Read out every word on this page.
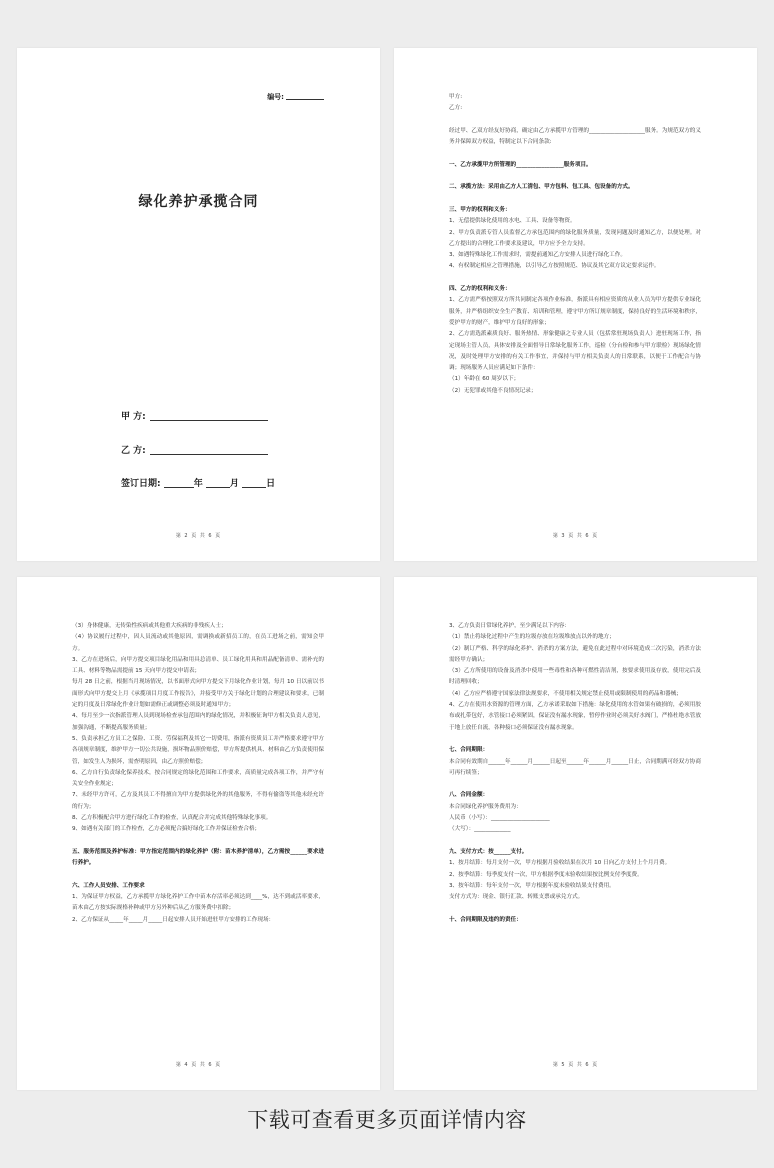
编号:
绿化养护承揽合同
甲 方:
乙 方:
签订日期:	年	月	日
第 2 页 共 6 页

甲方:

乙方:

经过甲、乙双方经友好协商，确定由乙方承揽甲方管理的____________________服务。为规范双方的义务并保障双方权益，特制定以下合同条款:

一、乙方承揽甲方所管理的_________________服务项目。

二、承揽方法：采用由乙方人工清包、甲方包料、包工具、包设备的方式。

三、甲方的权利和义务：

1、无偿提供绿化使用的水电、工具、设备等物资。

2、甲方负责派专管人员监督乙方承包范围内的绿化服务质量，发现问题及时通知乙方，以便处理。对乙方提出的合理化工作要求及建议，甲方应予全力支持。

3、如遇特殊绿化工作需求时，需提前通知乙方安排人员进行绿化工作。

4、有权制定相应之管理措施，以引导乙方按照规范、协议及其它双方议定要求运作。

四、乙方的权利和义务：

1、乙方需严格按照双方所共同制定各项作业标准，指派具有相应资质的从业人员为甲方提供专业绿化服务，并严格组织安全生产教育、培训和管理，遵守甲方所订规章制度，保持良好的生活环境和秩序，爱护甲方的财产，维护甲方良好的形象；

2、乙方需选派素质良好、服务热情、形象健康之专业人员（包括常驻现场负责人）进驻现场工作，指定现场主管人员，具体安排及全面督导日常绿化服务工作，巡检（分台检和参与甲方联检）现场绿化情况，及时处理甲方安排的有关工作事宜，并保持与甲方相关负责人的日常联系，以便于工作配合与协调；现场服务人员应满足如下条件：

（1）年龄在 60 周岁以下；

（2）无犯罪或其他不良情况记录；

第 3 页 共 6 页

（3）身体健康，无传染性疾病或其他重大疾病的非残疾人士；

（4）协议履行过程中，因人员流动或其他原因，需调换或新招员工的，在员工进场之前，需知会甲方。

3、乙方在进场后，向甲方提交项目绿化用品和用具总清单、员工绿化用具和用品配备清单、需补充的工具、材料等物品需提前 15 天向甲方提交申请表；

每月 28 日之前，根据当月现场情况，以书面形式向甲方提交下月绿化作业计划，每月 10 日以前以书面形式向甲方提交上月《承揽项目月度工作报告》，并接受甲方关于绿化计划的合理建议和要求，已制定的月度及日常绿化作业计划如需修正或调整必须及时通知甲方；

4、每月至少一次指派管理人员到现场检查承包范围内的绿化情况，并积极征询甲方相关负责人意见，加强沟通，不断提高服务质量；

5、负责承担乙方员工之保险、工资、劳保福利及其它一切费用，指派有资质员工并严格要求遵守甲方各项规章制度，维护甲方一切公共设施，损坏物品照价赔偿，甲方所提供机具、材料由乙方负责使用保管，如发生人为损坏，需查明原因，由乙方照价赔偿；

6、乙方自行负责绿化保养技术，按合同规定的绿化范围和工作要求，高质量完成各项工作，并严守有关安全作业规定；

7、未经甲方许可，乙方及其员工不得擅自为甲方提供绿化外的其他服务，不得有偷盗等其他未经允许的行为；

8、乙方积极配合甲方进行绿化工作的检查，认真配合并完成其他特殊绿化事项。

9、如遇有关部门的工作检查，乙方必须配合搞好绿化工作并保证检查合格；

五、服务范围及养护标准：甲方指定范围内的绿化养护（附：苗木养护清单），乙方需按______要求进行养护。

六、工作人员安排、工作要求

1、为保证甲方权益，乙方承揽甲方绿化养护工作中苗木存活率必须达到____%，达不到或活率要求，苗木由乙方按实际规格补种或甲方另外种后从乙方服务费中扣除；

2、乙方保证从_____年_____月_____日起安排人员开始进驻甲方安排的工作现场：

第 4 页 共 6 页

3、乙方负责日常绿化养护，至少满足以下内容：

（1）禁止将绿化过程中产生的垃圾存放在垃圾堆放点以外的地方；

（2）制订严格、科学的绿化养护、消杀的方案方法，避免在此过程中对环境造成二次污染，消杀方法需经甲方确认；

（3）乙方所使用的设备及消杀中使用一些毒性和各种可燃性清洁剂，按要求使用及存放，使用完后及时清理回收；

（4）乙方应严格遵守国家法律法规要求，不使用相关规定禁止使用或限制使用的药品和器械；

4、乙方在使用水资源的管理方面，乙方承诺采取如下措施：绿化使用的水管如果有破损的，必须用胶布或扎带包好，水管接口必须紧固，保证没有漏水现象，暂停作业时必须关好水阀门，严格杜绝水管放于地上放任自流，各种接口必须保证没有漏水现象。

七、合同期限：

本合同有效期自______年______月______日起至______年______月______日止，合同期满可经双方协商可再行续签；

八、合同金额：

本合同绿化养护服务费用为：

人民币（小写）：_____________________

（大写）：_____________

九、支付方式：按______支付。

1、按月结算：每月支付一次，甲方根据月验收结果在次月 10 日向乙方支付上个月月费。

2、按季结算：每季度支付一次，甲方根据季度末验收结果按比例支付季度费。

3、按年结算：每年支付一次，甲方根据年度末验收结果支付费用。

支付方式为：现金、银行汇款、转账支票或承兑方式。

十、合同期限及违约的责任：

第 5 页 共 6 页
下载可查看更多页面详情内容
